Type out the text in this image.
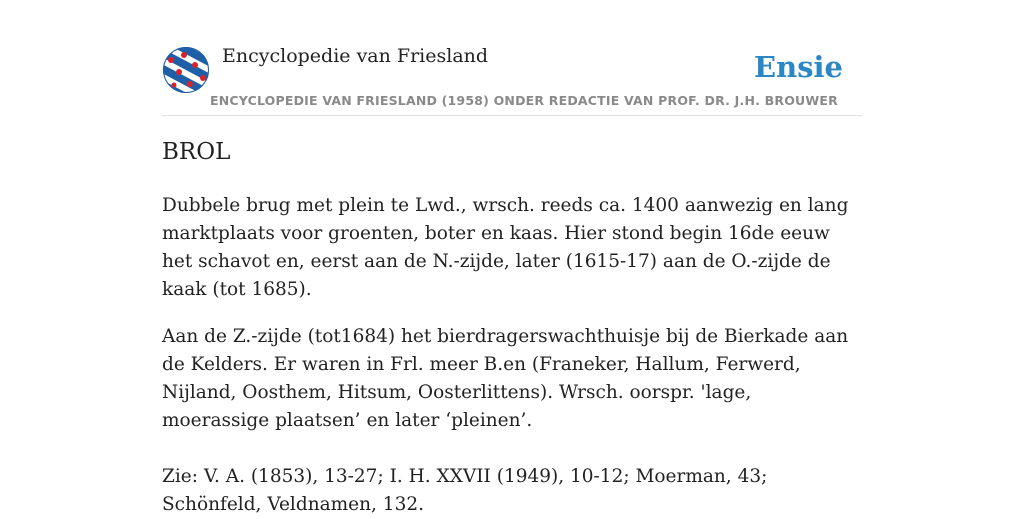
Encyclopedie van Friesland
ENCYCLOPEDIE VAN FRIESLAND (1958) ONDER REDACTIE VAN PROF. DR. J.H. BROUWER
Ensie
BROL

Dubbele brug met plein te Lwd., wrsch. reeds ca. 1400 aanwezig en lang marktplaats voor groenten, boter en kaas. Hier stond begin 16de eeuw het schavot en, eerst aan de N.-zijde, later (1615-17) aan de O.-zijde de kaak (tot 1685).

Aan de Z.-zijde (tot1684) het bierdragerswachthuisje bij de Bierkade aan de Kelders. Er waren in Frl. meer B.en (Franeker, Hallum, Ferwerd, Nijland, Oosthem, Hitsum, Oosterlittens). Wrsch. oorspr. 'lage, moerassige plaatsen’ en later ‘pleinen’.

Zie: V. A. (1853), 13-27; I. H. XXVII (1949), 10-12; Moerman, 43; Schönfeld, Veldnamen, 132.
